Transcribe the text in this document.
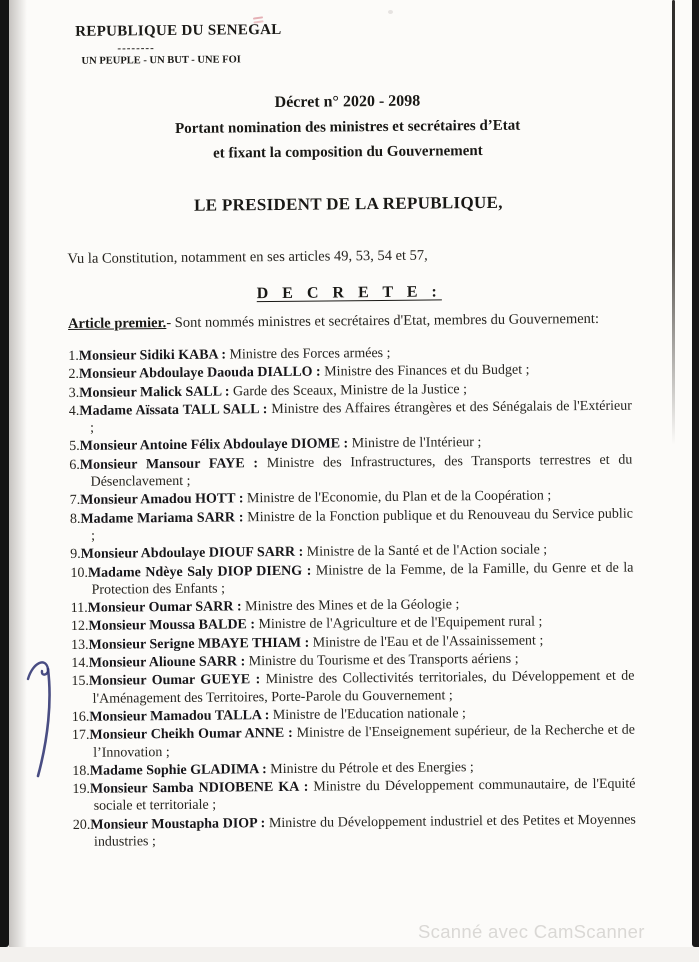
REPUBLIQUE DU SENEGAL
--------
UN PEUPLE - UN BUT - UNE FOI
Décret n° 2020 - 2098
Portant nomination des ministres et secrétaires d’Etat
et fixant la composition du Gouvernement
LE PRESIDENT DE LA REPUBLIQUE,
Vu la Constitution, notamment en ses articles 49, 53, 54 et 57,
D E C R E T E :
Article premier.- Sont nommés ministres et secrétaires d'Etat, membres du Gouvernement:
1.Monsieur Sidiki KABA : Ministre des Forces armées ;
2.Monsieur Abdoulaye Daouda DIALLO : Ministre des Finances et du Budget ;
3.Monsieur Malick SALL : Garde des Sceaux, Ministre de la Justice ;
4.Madame Aïssata TALL SALL : Ministre des Affaires étrangères et des Sénégalais de l'Extérieur ;
5.Monsieur Antoine Félix Abdoulaye DIOME : Ministre de l'Intérieur ;
6.Monsieur Mansour FAYE : Ministre des Infrastructures, des Transports terrestres et du Désenclavement ;
7.Monsieur Amadou HOTT : Ministre de l'Economie, du Plan et de la Coopération ;
8.Madame Mariama SARR : Ministre de la Fonction publique et du Renouveau du Service public ;
9.Monsieur Abdoulaye DIOUF SARR : Ministre de la Santé et de l'Action sociale ;
10.Madame Ndèye Saly DIOP DIENG : Ministre de la Femme, de la Famille, du Genre et de la Protection des Enfants ;
11.Monsieur Oumar SARR : Ministre des Mines et de la Géologie ;
12.Monsieur Moussa BALDE : Ministre de l'Agriculture et de l'Equipement rural ;
13.Monsieur Serigne MBAYE THIAM : Ministre de l'Eau et de l'Assainissement ;
14.Monsieur Alioune SARR : Ministre du Tourisme et des Transports aériens ;
15.Monsieur Oumar GUEYE : Ministre des Collectivités territoriales, du Développement et de l'Aménagement des Territoires, Porte-Parole du Gouvernement ;
16.Monsieur Mamadou TALLA : Ministre de l'Education nationale ;
17.Monsieur Cheikh Oumar ANNE : Ministre de l'Enseignement supérieur, de la Recherche et de l’Innovation ;
18.Madame Sophie GLADIMA : Ministre du Pétrole et des Energies ;
19.Monsieur Samba NDIOBENE KA : Ministre du Développement communautaire, de l'Equité sociale et territoriale ;
20.Monsieur Moustapha DIOP : Ministre du Développement industriel et des Petites et Moyennes industries ;
Scanné avec CamScanner
